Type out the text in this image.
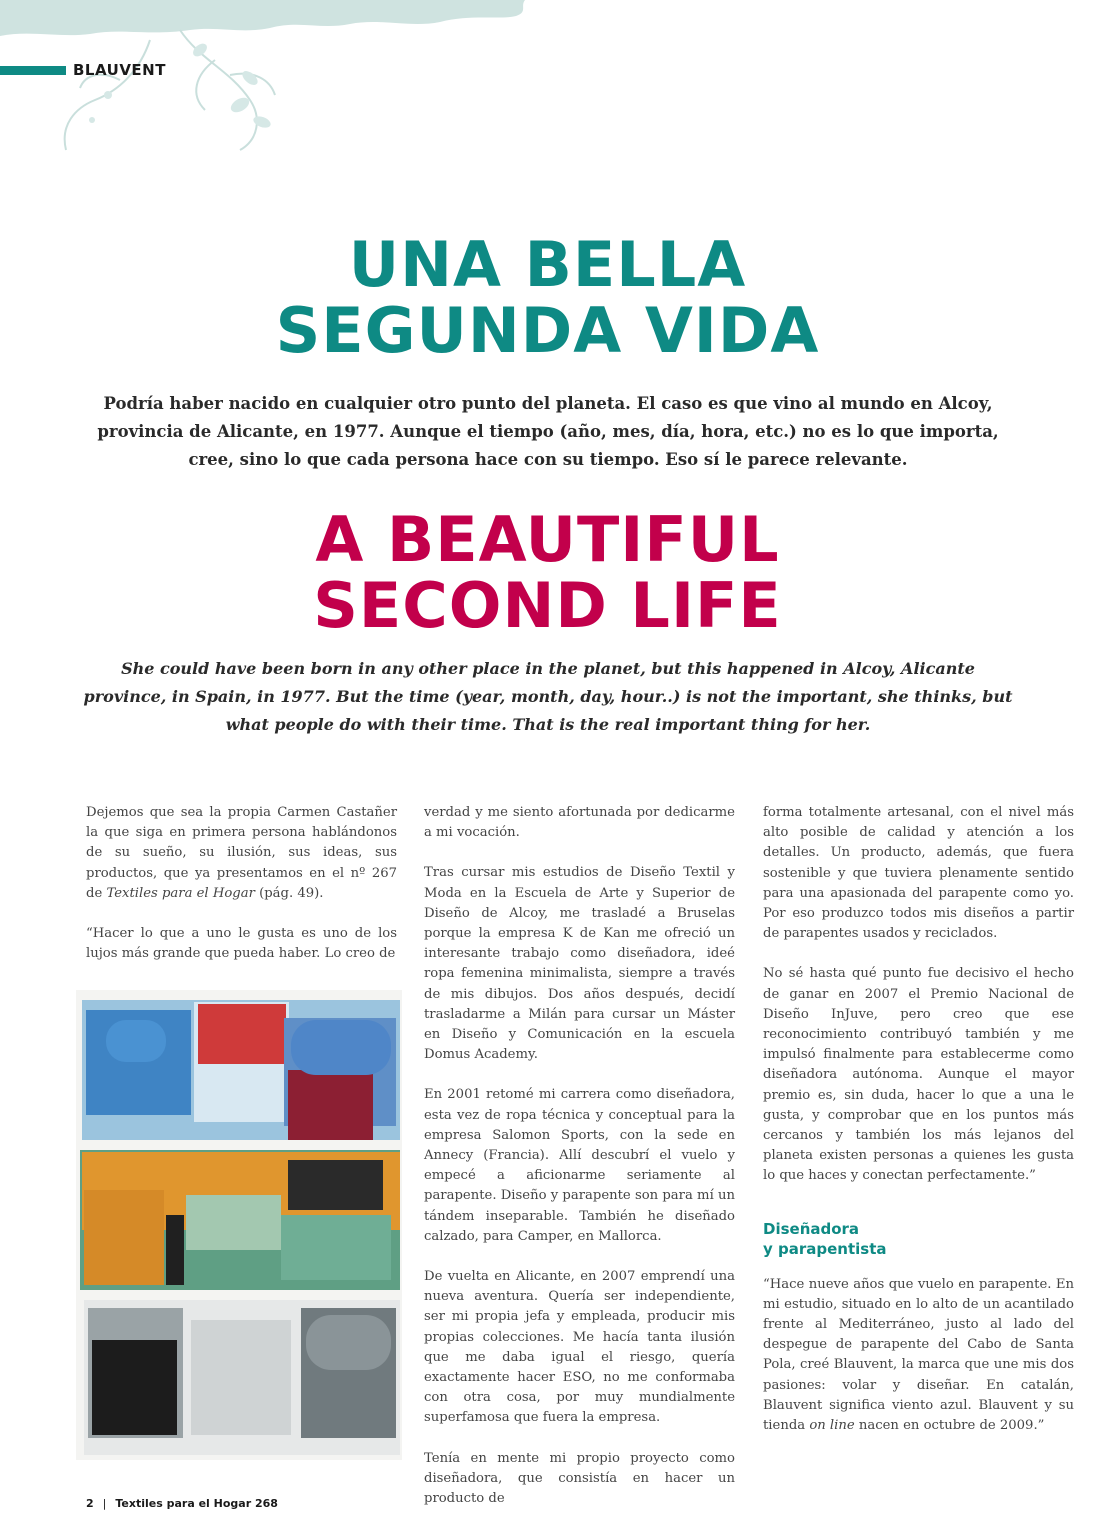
BLAUVENT
UNA BELLA
SEGUNDA VIDA

Podría haber nacido en cualquier otro punto del planeta. El caso es que vino al mundo en Alcoy, provincia de Alicante, en 1977. Aunque el tiempo (año, mes, día, hora, etc.) no es lo que importa, cree, sino lo que cada persona hace con su tiempo. Eso sí le parece relevante.

A BEAUTIFUL
SECOND LIFE

She could have been born in any other place in the planet, but this happened in Alcoy, Alicante province, in Spain, in 1977. But the time (year, month, day, hour..) is not the important, she thinks, but what people do with their time. That is the real important thing for her.

Dejemos que sea la propia Carmen Castañer la que siga en primera persona hablándonos de su sueño, su ilusión, sus ideas, sus productos, que ya presentamos en el nº 267 de Textiles para el Hogar (pág. 49).

“Hacer lo que a uno le gusta es uno de los lujos más grande que pueda haber. Lo creo de

verdad y me siento afortunada por dedicarme a mi vocación.

Tras cursar mis estudios de Diseño Textil y Moda en la Escuela de Arte y Superior de Diseño de Alcoy, me trasladé a Bruselas porque la empresa K de Kan me ofreció un interesante trabajo como diseñadora, ideé ropa femenina minimalista, siempre a través de mis dibujos. Dos años después, decidí trasladarme a Milán para cursar un Máster en Diseño y Comunicación en la escuela Domus Academy.

En 2001 retomé mi carrera como diseñadora, esta vez de ropa técnica y conceptual para la empresa Salomon Sports, con la sede en Annecy (Francia). Allí descubrí el vuelo y empecé a aficionarme seriamente al parapente. Diseño y parapente son para mí un tándem inseparable. También he diseñado calzado, para Camper, en Mallorca.

De vuelta en Alicante, en 2007 emprendí una nueva aventura. Quería ser independiente, ser mi propia jefa y empleada, producir mis propias colecciones. Me hacía tanta ilusión que me daba igual el riesgo, quería exactamente hacer ESO, no me conformaba con otra cosa, por muy mundialmente superfamosa que fuera la empresa.

Tenía en mente mi propio proyecto como diseñadora, que consistía en hacer un producto de

forma totalmente artesanal, con el nivel más alto posible de calidad y atención a los detalles. Un producto, además, que fuera sostenible y que tuviera plenamente sentido para una apasionada del parapente como yo. Por eso produzco todos mis diseños a partir de parapentes usados y reciclados.

No sé hasta qué punto fue decisivo el hecho de ganar en 2007 el Premio Nacional de Diseño InJuve, pero creo que ese reconocimiento contribuyó también y me impulsó finalmente para establecerme como diseñadora autónoma. Aunque el mayor premio es, sin duda, hacer lo que a una le gusta, y comprobar que en los puntos más cercanos y también los más lejanos del planeta existen personas a quienes les gusta lo que haces y conectan perfectamente.”

Diseñadora
y parapentista

“Hace nueve años que vuelo en parapente. En mi estudio, situado en lo alto de un acantilado frente al Mediterráneo, justo al lado del despegue de parapente del Cabo de Santa Pola, creé Blauvent, la marca que une mis dos pasiones: volar y diseñar. En catalán, Blauvent significa viento azul. Blauvent y su tienda on line nacen en octubre de 2009.”

2 | Textiles para el Hogar 268
